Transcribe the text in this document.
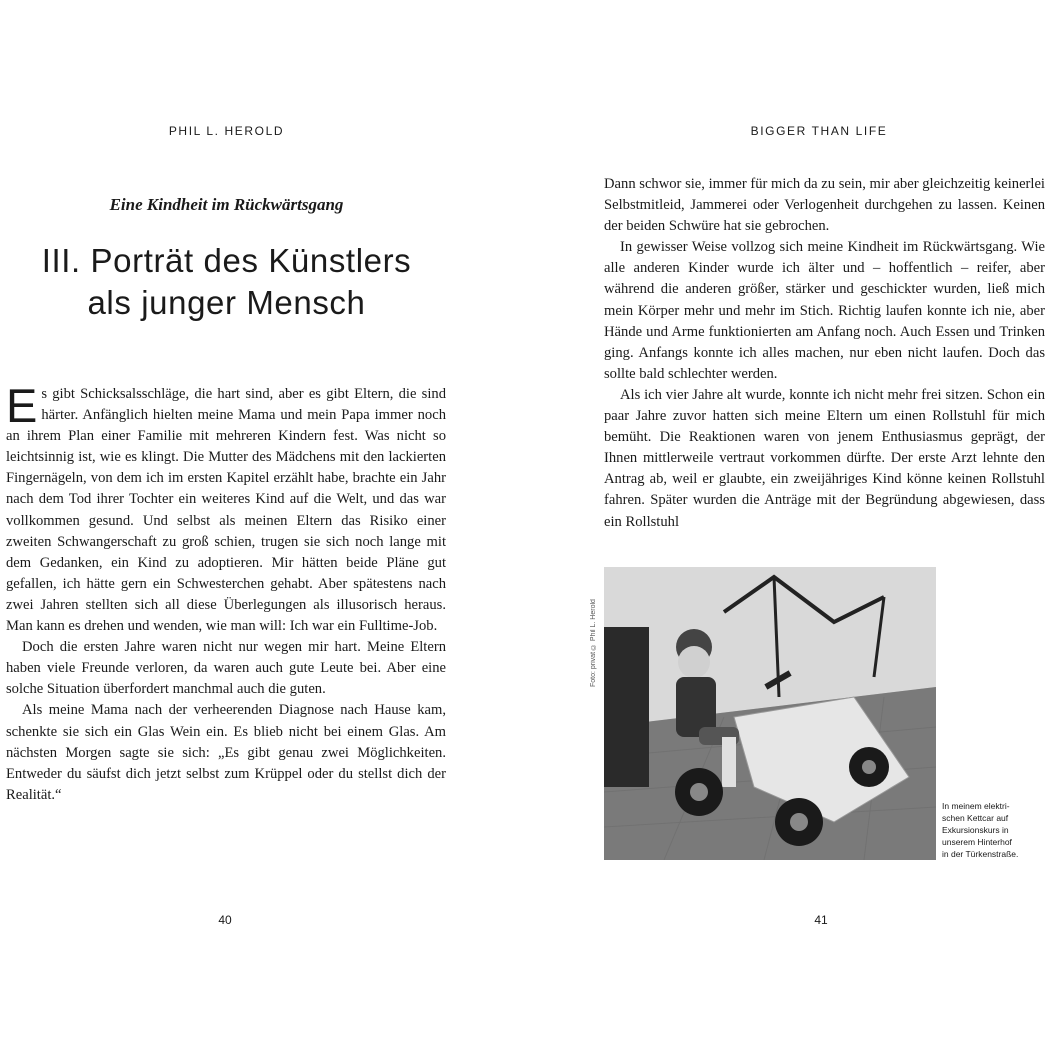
PHIL L. HEROLD
Eine Kindheit im Rückwärtsgang
III. Porträt des Künstlers
als junger Mensch

Es gibt Schicksalsschläge, die hart sind, aber es gibt Eltern, die sind härter. Anfänglich hielten meine Mama und mein Papa immer noch an ihrem Plan einer Familie mit mehreren Kindern fest. Was nicht so leichtsinnig ist, wie es klingt. Die Mutter des Mädchens mit den lackierten Fingernägeln, von dem ich im ersten Kapitel erzählt habe, brachte ein Jahr nach dem Tod ihrer Tochter ein weiteres Kind auf die Welt, und das war vollkommen gesund. Und selbst als meinen Eltern das Risiko einer zweiten Schwangerschaft zu groß schien, trugen sie sich noch lange mit dem Gedanken, ein Kind zu adoptieren. Mir hätten beide Pläne gut gefallen, ich hätte gern ein Schwesterchen gehabt. Aber spätestens nach zwei Jahren stellten sich all diese Überlegungen als illusorisch heraus. Man kann es drehen und wenden, wie man will: Ich war ein Fulltime-Job.

Doch die ersten Jahre waren nicht nur wegen mir hart. Meine Eltern haben viele Freunde verloren, da waren auch gute Leute bei. Aber eine solche Situation überfordert manchmal auch die guten.

Als meine Mama nach der verheerenden Diagnose nach Hause kam, schenkte sie sich ein Glas Wein ein. Es blieb nicht bei einem Glas. Am nächsten Morgen sagte sie sich: „Es gibt genau zwei Möglichkeiten. Entweder du säufst dich jetzt selbst zum Krüppel oder du stellst dich der Realität.“

40

BIGGER THAN LIFE

Dann schwor sie, immer für mich da zu sein, mir aber gleichzeitig keinerlei Selbstmitleid, Jammerei oder Verlogenheit durchgehen zu lassen. Keinen der beiden Schwüre hat sie gebrochen.

In gewisser Weise vollzog sich meine Kindheit im Rückwärtsgang. Wie alle anderen Kinder wurde ich älter und – hoffentlich – reifer, aber während die anderen größer, stärker und geschickter wurden, ließ mich mein Körper mehr und mehr im Stich. Richtig laufen konnte ich nie, aber Hände und Arme funktionierten am Anfang noch. Auch Essen und Trinken ging. Anfangs konnte ich alles machen, nur eben nicht laufen. Doch das sollte bald schlechter werden.

Als ich vier Jahre alt wurde, konnte ich nicht mehr frei sitzen. Schon ein paar Jahre zuvor hatten sich meine Eltern um einen Rollstuhl für mich bemüht. Die Reaktionen waren von jenem Enthusiasmus geprägt, der Ihnen mittlerweile vertraut vorkommen dürfte. Der erste Arzt lehnte den Antrag ab, weil er glaubte, ein zweijähriges Kind könne keinen Rollstuhl fahren. Später wurden die Anträge mit der Begründung abgewiesen, dass ein Rollstuhl

Foto: privat © Phil L. Herold

In meinem elektri-
schen Kettcar auf
Exkursionskurs in
unserem Hinterhof
in der Türkenstraße.

41
